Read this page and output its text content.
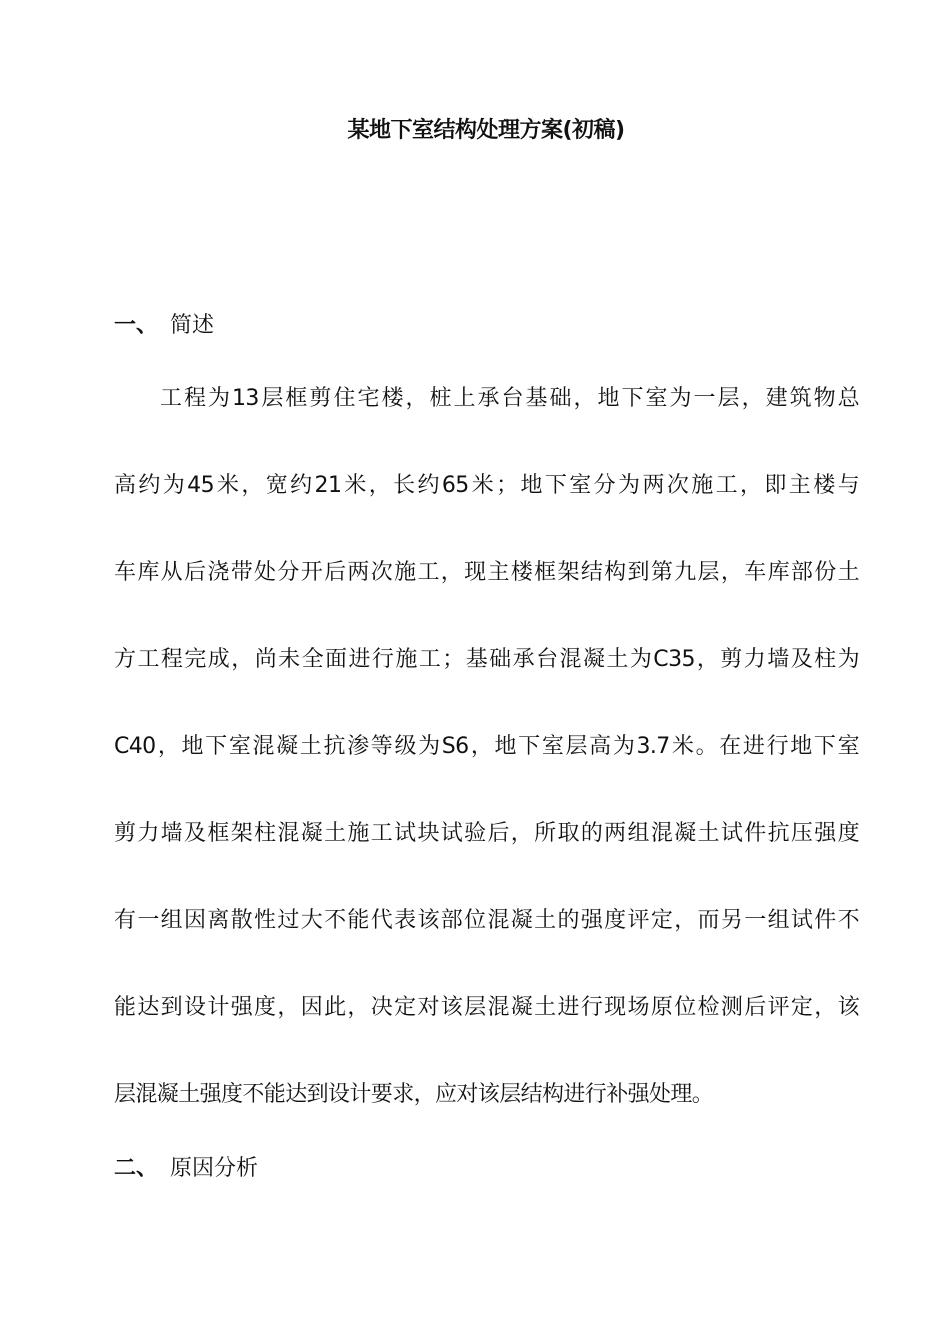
某地下室结构处理方案(初稿)
一、 简述
工程为13层框剪住宅楼，桩上承台基础，地下室为一层，建筑物总
高约为45米，宽约21米，长约65米；地下室分为两次施工，即主楼与
车库从后浇带处分开后两次施工，现主楼框架结构到第九层，车库部份土
方工程完成，尚未全面进行施工；基础承台混凝土为C35，剪力墙及柱为
C40，地下室混凝土抗渗等级为S6，地下室层高为3.7米。在进行地下室
剪力墙及框架柱混凝土施工试块试验后，所取的两组混凝土试件抗压强度
有一组因离散性过大不能代表该部位混凝土的强度评定，而另一组试件不
能达到设计强度，因此，决定对该层混凝土进行现场原位检测后评定，该
层混凝土强度不能达到设计要求，应对该层结构进行补强处理。
二、 原因分析
